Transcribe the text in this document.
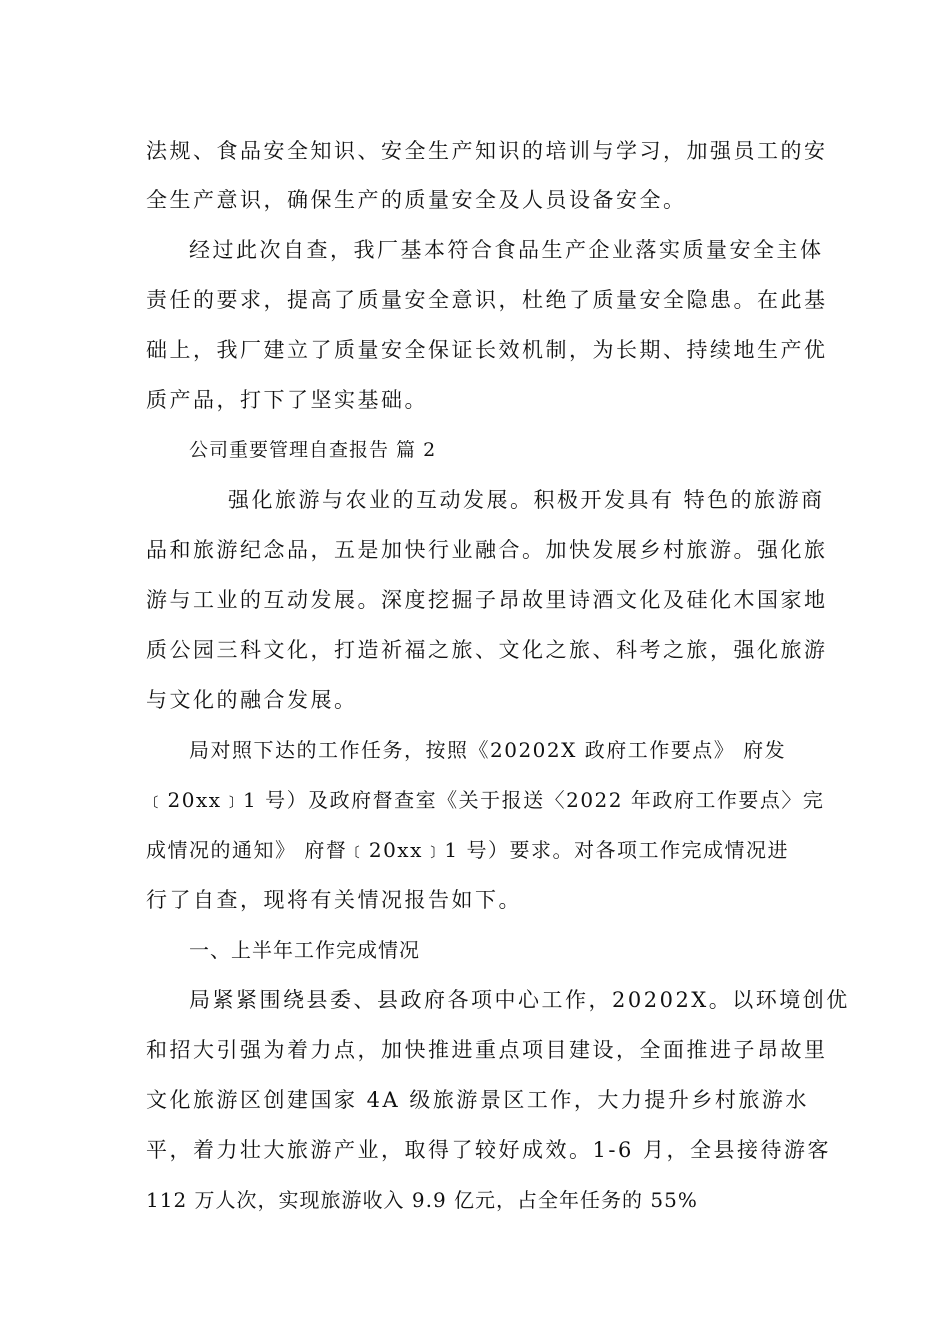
法规、食品安全知识、安全生产知识的培训与学习，加强员工的安
全生产意识，确保生产的质量安全及人员设备安全。
经过此次自查，我厂基本符合食品生产企业落实质量安全主体
责任的要求，提高了质量安全意识，杜绝了质量安全隐患。在此基
础上，我厂建立了质量安全保证长效机制，为长期、持续地生产优
质产品，打下了坚实基础。
公司重要管理自查报告 篇 2
强化旅游与农业的互动发展。积极开发具有 特色的旅游商
品和旅游纪念品，五是加快行业融合。加快发展乡村旅游。强化旅
游与工业的互动发展。深度挖掘子昂故里诗酒文化及硅化木国家地
质公园三科文化，打造祈福之旅、文化之旅、科考之旅，强化旅游
与文化的融合发展。
局对照下达的工作任务，按照《20202X 政府工作要点》 府发
﹝20xx﹞1 号）及政府督查室《关于报送〈2022 年政府工作要点〉完
成情况的通知》 府督﹝20xx﹞1 号）要求。对各项工作完成情况进
行了自查，现将有关情况报告如下。
一、上半年工作完成情况
局紧紧围绕县委、县政府各项中心工作，20202X。以环境创优
和招大引强为着力点，加快推进重点项目建设，全面推进子昂故里
文化旅游区创建国家 4A 级旅游景区工作，大力提升乡村旅游水
平，着力壮大旅游产业，取得了较好成效。1-6 月，全县接待游客
112 万人次，实现旅游收入 9.9 亿元，占全年任务的 55%
